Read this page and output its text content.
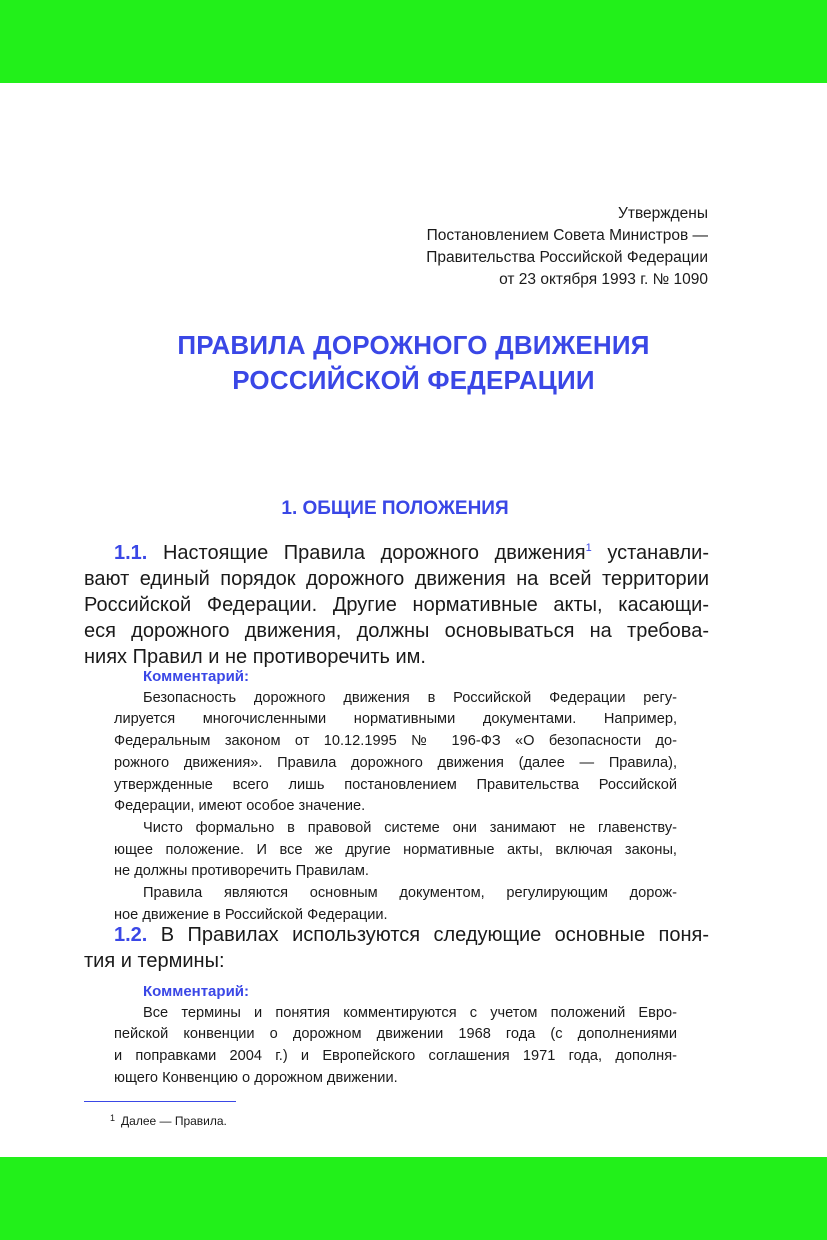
Утверждены
Постановлением Совета Министров —
Правительства Российской Федерации
от 23 октября 1993 г. № 1090
ПРАВИЛА ДОРОЖНОГО ДВИЖЕНИЯ
РОССИЙСКОЙ ФЕДЕРАЦИИ
1. ОБЩИЕ ПОЛОЖЕНИЯ
1.1. Настоящие Правила дорожного движения$^1$ устанавли-
вают единый порядок дорожного движения на всей территории
Российской Федерации. Другие нормативные акты, касающи-
еся дорожного движения, должны основываться на требова-
ниях Правил и не противоречить им.
Комментарий:
Безопасность дорожного движения в Российской Федерации регу-
лируется многочисленными нормативными документами. Например,
Федеральным законом от 10.12.1995 № 196-ФЗ «О безопасности до-
рожного движения». Правила дорожного движения (далее — Правила),
утвержденные всего лишь постановлением Правительства Российской
Федерации, имеют особое значение.
Чисто формально в правовой системе они занимают не главенству-
ющее положение. И все же другие нормативные акты, включая законы,
не должны противоречить Правилам.
Правила являются основным документом, регулирующим дорож-
ное движение в Российской Федерации.
1.2. В Правилах используются следующие основные поня-
тия и термины:
Комментарий:
Все термины и понятия комментируются с учетом положений Евро-
пейской конвенции о дорожном движении 1968 года (с дополнениями
и поправками 2004 г.) и Европейского соглашения 1971 года, дополня-
ющего Конвенцию о дорожном движении.
$^1$ Далее — Правила.
